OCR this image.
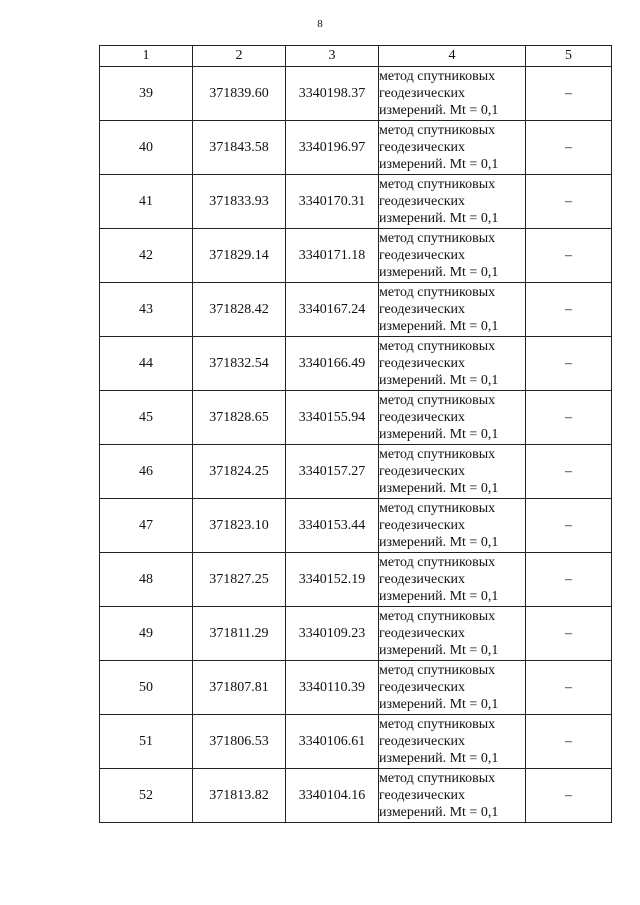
8
1	2	3	4	5
39	371839.60	3340198.37	метод спутниковых
геодезических
измерений. Mt = 0,1	–
40	371843.58	3340196.97	метод спутниковых
геодезических
измерений. Mt = 0,1	–
41	371833.93	3340170.31	метод спутниковых
геодезических
измерений. Mt = 0,1	–
42	371829.14	3340171.18	метод спутниковых
геодезических
измерений. Mt = 0,1	–
43	371828.42	3340167.24	метод спутниковых
геодезических
измерений. Mt = 0,1	–
44	371832.54	3340166.49	метод спутниковых
геодезических
измерений. Mt = 0,1	–
45	371828.65	3340155.94	метод спутниковых
геодезических
измерений. Mt = 0,1	–
46	371824.25	3340157.27	метод спутниковых
геодезических
измерений. Mt = 0,1	–
47	371823.10	3340153.44	метод спутниковых
геодезических
измерений. Mt = 0,1	–
48	371827.25	3340152.19	метод спутниковых
геодезических
измерений. Mt = 0,1	–
49	371811.29	3340109.23	метод спутниковых
геодезических
измерений. Mt = 0,1	–
50	371807.81	3340110.39	метод спутниковых
геодезических
измерений. Mt = 0,1	–
51	371806.53	3340106.61	метод спутниковых
геодезических
измерений. Mt = 0,1	–
52	371813.82	3340104.16	метод спутниковых
геодезических
измерений. Mt = 0,1	–
